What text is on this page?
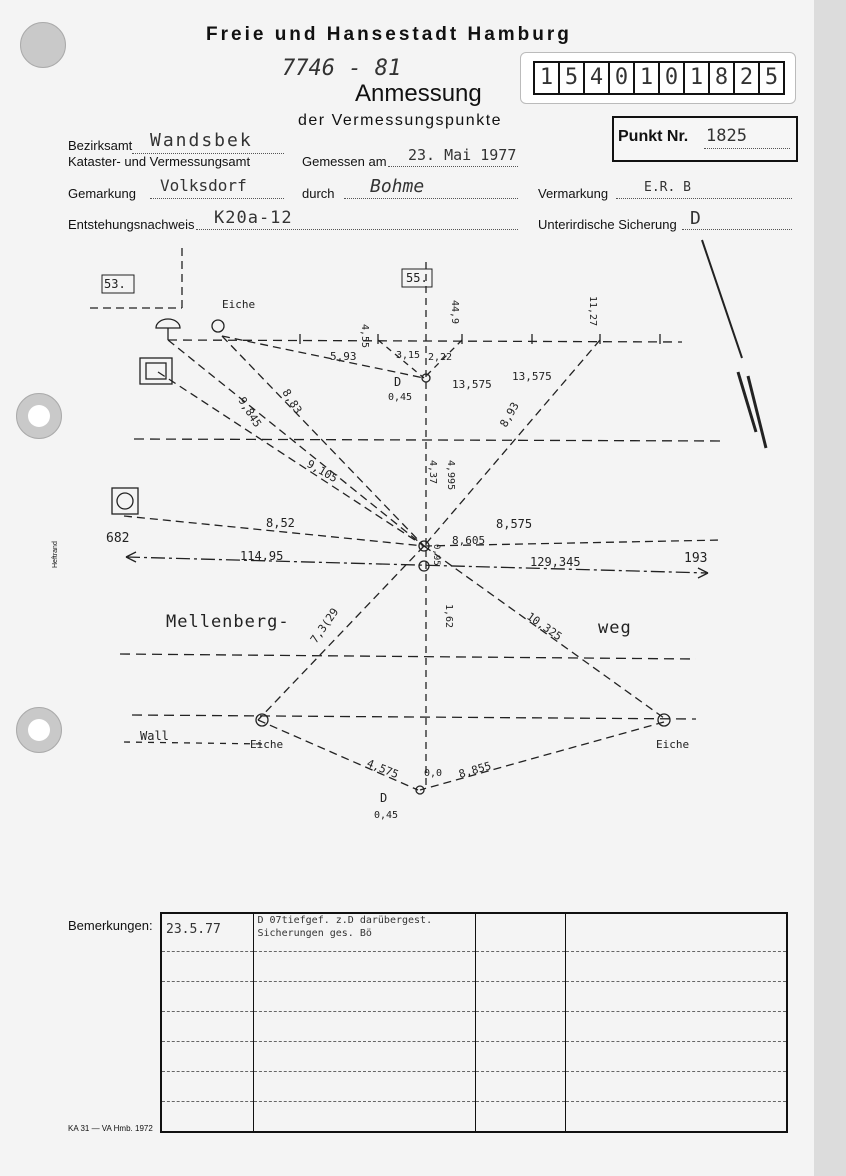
Freie und Hansestadt Hamburg
7746 - 81
Anmessung
der Vermessungspunkte
1 5 4 0 1 0 1 8 2 5
Punkt Nr. 1825
Bezirksamt Wandsbek
Kataster- und Vermessungsamt	Gemessen am 23. Mai 1977
Gemarkung Volksdorf	durch Bohme	Vermarkung	E.R. B
Entstehungsnachweis K20a-12	Unterirdische Sicherung D
Heftrand
53.	55.
Eiche
682
193
Mellenberg-	weg
Wall
Eiche	Eiche
D
0,45
D
0,45
4,55
44,9	11,27
5,93	3,15 2,22
13,575
13,575
8,83
9,845
9,105
8,93
4,37 4,995
8,52	8,575
8,605
114,95	129,345
0,95
7,3(29	1,62	10,325
4,575 0,0 8,855
Bemerkungen: 23.5.77	D 07tiefgef. z.D darübergest.
Sicherungen ges. Bö		

KA 31 — VA Hmb. 1972
